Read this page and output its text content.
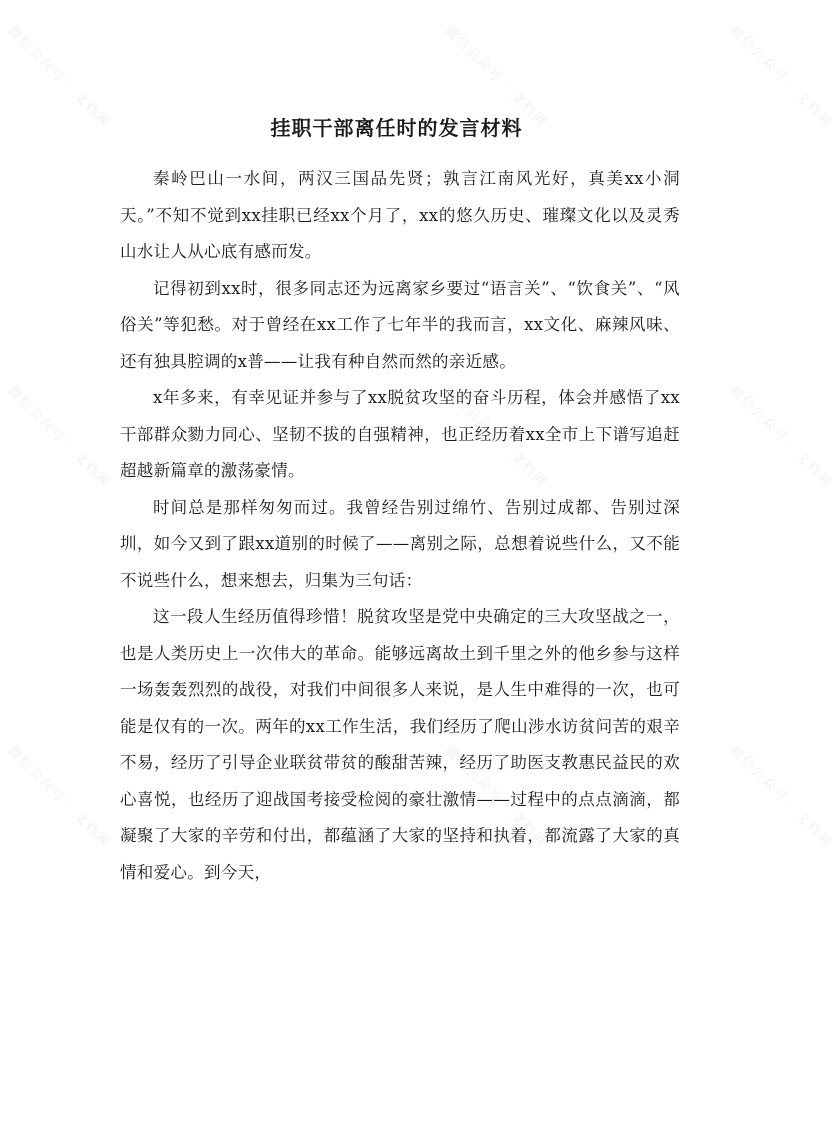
微信公众号 · 文档网	微信公众号 · 文档网
微信公众号 · 文档网	微信公众号 · 文档网
微信公众号 · 文档网	微信公众号 · 文档网
微信公众号 · 文档网
微信公众号 · 文档网
微信公众号 · 文档网
挂职干部离任时的发言材料

秦岭巴山一水间，两汉三国品先贤；孰言江南风光好，真美xx小洞天。”不知不觉到xx挂职已经xx个月了，xx的悠久历史、璀璨文化以及灵秀山水让人从心底有感而发。

记得初到xx时，很多同志还为远离家乡要过“语言关”、“饮食关”、“风俗关”等犯愁。对于曾经在xx工作了七年半的我而言，xx文化、麻辣风味、还有独具腔调的x普——让我有种自然而然的亲近感。

x年多来，有幸见证并参与了xx脱贫攻坚的奋斗历程，体会并感悟了xx干部群众勠力同心、坚韧不拔的自强精神，也正经历着xx全市上下谱写追赶超越新篇章的激荡豪情。

时间总是那样匆匆而过。我曾经告别过绵竹、告别过成都、告别过深圳，如今又到了跟xx道别的时候了——离别之际，总想着说些什么，又不能不说些什么，想来想去，归集为三句话：

这一段人生经历值得珍惜！脱贫攻坚是党中央确定的三大攻坚战之一，也是人类历史上一次伟大的革命。能够远离故土到千里之外的他乡参与这样一场轰轰烈烈的战役，对我们中间很多人来说，是人生中难得的一次，也可能是仅有的一次。两年的xx工作生活，我们经历了爬山涉水访贫问苦的艰辛不易，经历了引导企业联贫带贫的酸甜苦辣，经历了助医支教惠民益民的欢心喜悦，也经历了迎战国考接受检阅的豪壮激情——过程中的点点滴滴，都凝聚了大家的辛劳和付出，都蕴涵了大家的坚持和执着，都流露了大家的真情和爱心。到今天，
